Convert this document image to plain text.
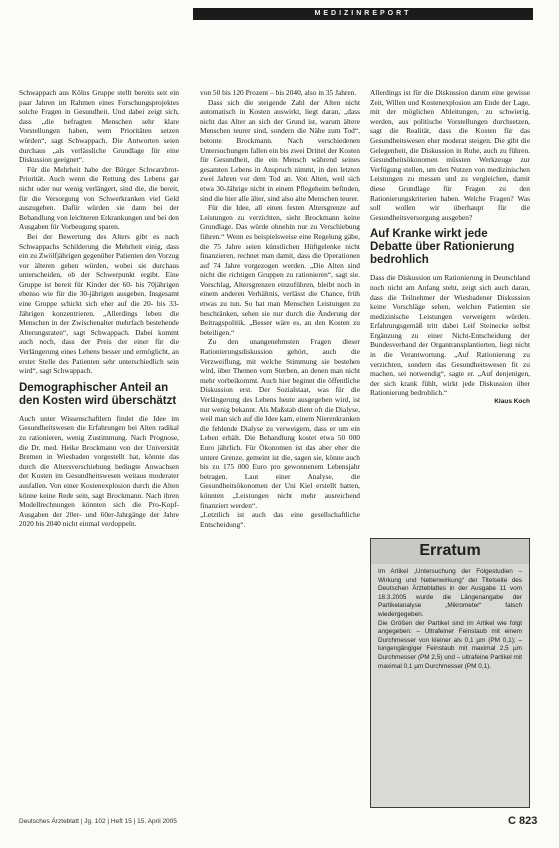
MEDIZINREPORT

Schwappach aus Kölns Gruppe stellt bereits seit ein paar Jahren im Rahmen eines Forschungsprojektes solche Fragen in Gesundheit. Und dabei zeigt sich, dass „die befragten Menschen sehr klare Vorstellungen haben, wem Prioritäten setzen würden“, sagt Schwappach. Die Antworten seien durchaus „als verlässliche Grundlage für eine Diskussion geeignet“.

Für die Mehrheit habe der Bürger Schwarzbrot-Priorität. Auch wenn die Rettung des Lebens gar nicht oder nur wenig verlängert, sind die, die bereit, für die Versorgung von Schwerkranken viel Geld auszugeben. Dafür würden sie dann bei der Behandlung von leichteren Erkrankungen und bei den Ausgaben für Vorbeugung sparen.

Bei der Bewertung des Alters gibt es nach Schwappachs Schilderung die Mehrheit einig, dass ein zu Zwölfjährigen gegenüber Patienten den Vorzug vor älteren gehen würden, wobei sie durchaus unterscheiden, ob der Schwerpunkt ergibt. Eine Gruppe ist bereit für Kinder der 60- bis 70jährigen ebenso wie für die 30-jährigen ausgeben. Insgesamt eine Gruppe schickt sich eher auf die 20- bis 33-Jährigen konzentrieren. „Allerdings leben die Menschen in der Zwischenalter mehrfach bestehende Alterungsraten“, sagt Schwappach. Dabei kommt auch noch, dass der Preis der einer für die Verlängerung eines Lebens besser und ermöglicht, an erster Stelle des Patienten sehr unterschiedlich sein wird“, sagt Schwappach.

Demographischer Anteil an den Kosten wird überschätzt

Auch unter Wissenschaftlern findet die Idee im Gesundheitswesen die Erfahrungen bei Alten radikal zu rationieren, wenig Zustimmung. Nach Prognose, die Dr. med. Heike Brockmann von der Universität Bremen in Wiesbaden vorgestellt hat, könnte das durch die Altersverschiebung bedingte Anwachsen der Kosten im Gesundheitswesen weitaus moderater ausfallen. Von einer Kostenexplosion durch die Alten könne keine Rede sein, sagt Brockmann. Nach ihren Modellrechnungen könnten sich die Pro-Kopf-Ausgaben der 20er- und 60er-Jahrgänge der Jahre 2020 bis 2040 nicht einmal verdoppeln.

von 50 bis 120 Prozent – bis 2040, also in 35 Jahren.

Dass sich die steigende Zahl der Alten nicht automatisch in Kosten auswirkt, liegt daran, „dass nicht das Alter an sich der Grund ist, warum ältere Menschen teurer sind, sondern die Nähe zum Tod“, betonte Brockmann. Nach verschiedenen Untersuchungen fallen ein bis zwei Drittel der Kosten für Gesundheit, die ein Mensch während seines gesamten Lebens in Anspruch nimmt, in den letzten zwei Jahren vor dem Tod an. Von Alten, weil sich etwa 30-Jährige nicht in einem Pflegeheim befinden, sind die hier alle älter, sind also alte Menschen teurer.

Für die Idee, all einen festen Altersgrenze auf Leistungen zu verzichten, sieht Brockmann keine Grundlage. Das würde ohnehin nur zu Verschiebung führen.“ Wenn es beispielsweise eine Regelung gäbe, die 75 Jahre seien künstlichen Hüftgelenke nicht finanzieren, rechnet man damit, dass die Operationen auf 74 Jahre vorgezogen werden. „Die Alten sind nicht die richtigen Gruppen zu rationieren“, sagt sie. Vorschlag, Altersgrenzen einzuführen, bleibt noch in einem anderen Verhältnis, verlässt die Chance, früh etwas zu tun. So hat man Menschen Leistungen zu beschränken, sehen sie nur durch die Änderung der Beitragspolitik. „Besser wäre es, an den Kosten zu beteiligen.“

Zu den unangenehmsten Fragen dieser Rationierungsdiskussion gehört, auch die Verzweiflung, mit welche Stimmung sie bestehen wird, über Themen vom Sterben, an denen man nicht mehr vorbeikommt. Auch hier beginnt die öffentliche Diskussion erst. Der Sozialstaat, was für die Verlängerung des Lebens heute ausgegeben wird, ist nur wenig bekannt. Als Maßstab dient oft die Dialyse, weil man sich auf die Idee kam, einem Nierenkranken die fehlende Dialyse zu verweigern, dass er um ein Leben erhält. Die Behandlung kostet etwa 50 000 Euro jährlich. Für Ökonomen ist das aber eher die untere Grenze, gemeint ist die, sagen sie, könne auch bis zu 175 000 Euro pro gewonnenem Lebensjahr betragen. Laut einer Analyse, die Gesundheitsökonomen der Uni Kiel erstellt hatten, könnten „Leistungen nicht mehr ausreichend finanziert werden“.

„Letztlich ist auch das eine gesellschaftliche Entscheidung“.

Allerdings ist für die Diskussion darum eine gewisse Zeit, Willen und Kostenexplosion am Ende der Lage, mit der möglichen Ableitungen, zu schwierig, werden, aus politische Vorstellungen durchsetzen, sagt die Realität, dass die Kosten für das Gesundheitswesen eher moderat steigen. Die gibt die Gelegenheit, die Diskussion in Ruhe, auch zu führen. Gesundheitsökonomen müssten Werkzeuge zur Verfügung stellen, um den Nutzen von medizinischen Leistungen zu messen und zu vergleichen, damit diese Grundlage für Fragen zu den Rationierungskriterien haben. Welche Fragen? Was soll wollen wir überhaupt für die Gesundheitsversorgung ausgeben?

Auf Kranke wirkt jede Debatte über Rationierung bedrohlich

Dass die Diskussion um Rationierung in Deutschland noch nicht am Anfang steht, zeigt sich auch daran, dass die Teilnehmer der Wiesbadener Diskussion keine Vorschläge sehen, welchen Patienten sie medizinische Leistungen verweigern würden. Erfahrungsgemäß tritt dabei Leif Steinecke selbst Ergänzung zu einer Nicht-Entscheidung der Bundesverband der Organtransplantierten, liegt nicht in die Verantwortung. „Auf Rationierung zu verzichten, sondern das Gesundheitswesen fit zu machen, sei notwendig“, sagte er. „Auf denjenigen, der sich krank fühlt, wirkt jede Diskussion über Rationierung bedrohlich.“

Klaus Koch
Erratum
Im Artikel „Untersuchung der Folgestudien – Wirkung und Nebenwirkung“ der Titelseite des Deutschen Ärzteblattes in der Ausgabe 11 vom 18.3.2005 wurde die Längenangabe der Partikelanalyse „Mikrometer“ falsch wiedergegeben.
Die Größen der Partikel sind im Artikel wie folgt angegeben: – Ultrafeiner Feinstaub mit einem Durchmesser von kleiner als 0,1 µm (PM 0,1); – lungengängiger Feinstaub mit maximal 2,5 µm Durchmesser (PM 2,5) und – ultrafeine Partikel mit maximal 0,1 µm Durchmesser (PM 0,1).
Deutsches Ärzteblatt | Jg. 102 | Heft 15 | 15. April 2005	C 823
